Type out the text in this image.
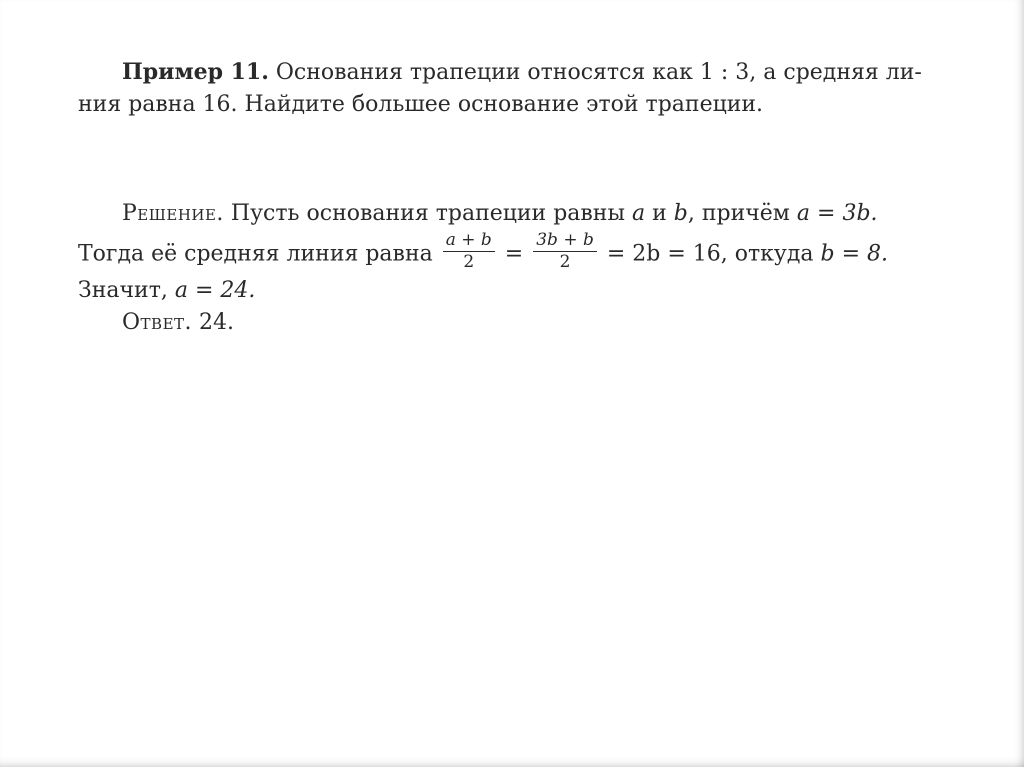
Пример 11. Основания трапеции относятся как 1 : 3, а средняя ли-
ния равна 16. Найдите большее основание этой трапеции.

Решение. Пусть основания трапеции равны a и b, причём a = 3b.
Тогда её средняя линия равна $\frac{a + b}{2} = \frac{3b + b}{2} = 2b = 16$, откуда b = 8.
Значит, a = 24.
Ответ. 24.
